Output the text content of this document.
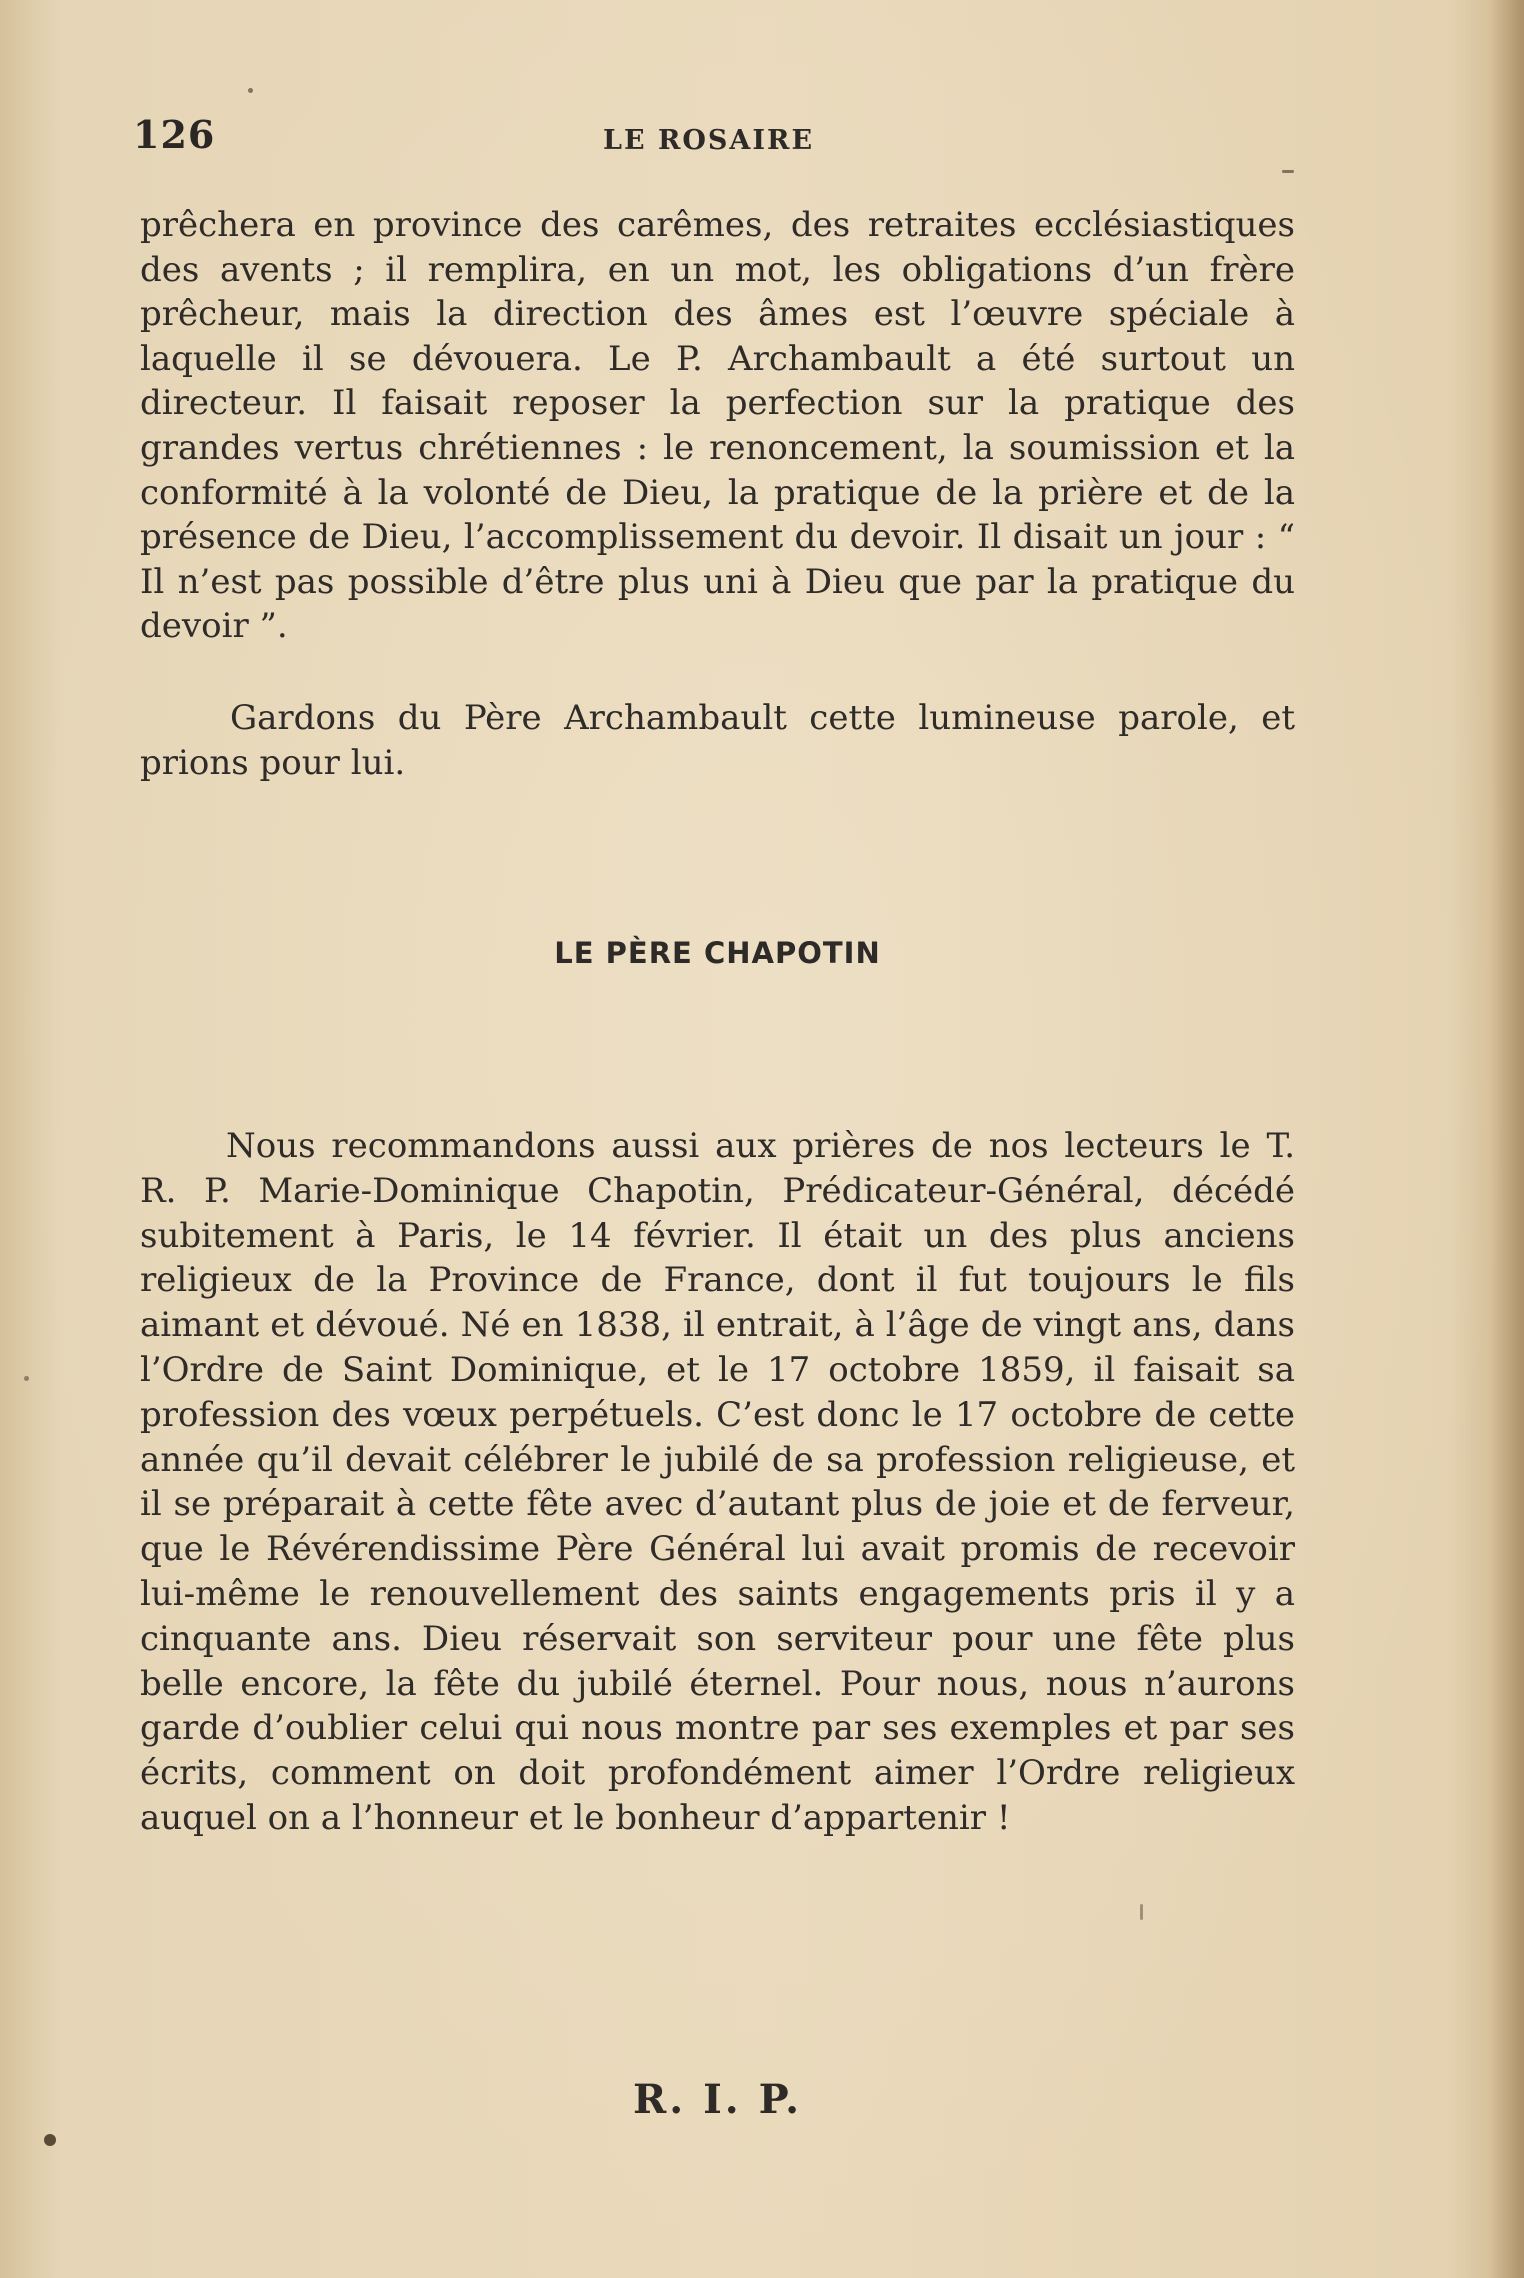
126	LE ROSAIRE

prêchera en province des carêmes, des retraites ecclésiastiques des avents ; il remplira, en un mot, les obligations d’un frère prêcheur, mais la direction des âmes est l’œuvre spéciale à laquelle il se dévouera. Le P. Archambault a été surtout un directeur. Il faisait reposer la perfection sur la pratique des grandes vertus chrétiennes : le renoncement, la soumission et la conformité à la volonté de Dieu, la pratique de la prière et de la présence de Dieu, l’accomplissement du devoir. Il disait un jour : “ Il n’est pas possible d’être plus uni à Dieu que par la pratique du devoir ”.

Gardons du Père Archambault cette lumineuse parole, et prions pour lui.

LE PÈRE CHAPOTIN

Nous recommandons aussi aux prières de nos lecteurs le T. R. P. Marie-Dominique Chapotin, Prédicateur-Général, décédé subitement à Paris, le 14 février. Il était un des plus anciens religieux de la Province de France, dont il fut toujours le fils aimant et dévoué. Né en 1838, il entrait, à l’âge de vingt ans, dans l’Ordre de Saint Dominique, et le 17 octobre 1859, il faisait sa profession des vœux perpétuels. C’est donc le 17 octobre de cette année qu’il devait célébrer le jubilé de sa profession religieuse, et il se préparait à cette fête avec d’autant plus de joie et de ferveur, que le Révérendissime Père Général lui avait promis de recevoir lui-même le renouvellement des saints engagements pris il y a cinquante ans. Dieu réservait son serviteur pour une fête plus belle encore, la fête du jubilé éternel. Pour nous, nous n’aurons garde d’oublier celui qui nous montre par ses exemples et par ses écrits, comment on doit profondément aimer l’Ordre religieux auquel on a l’honneur et le bonheur d’appartenir !

R. I. P.
